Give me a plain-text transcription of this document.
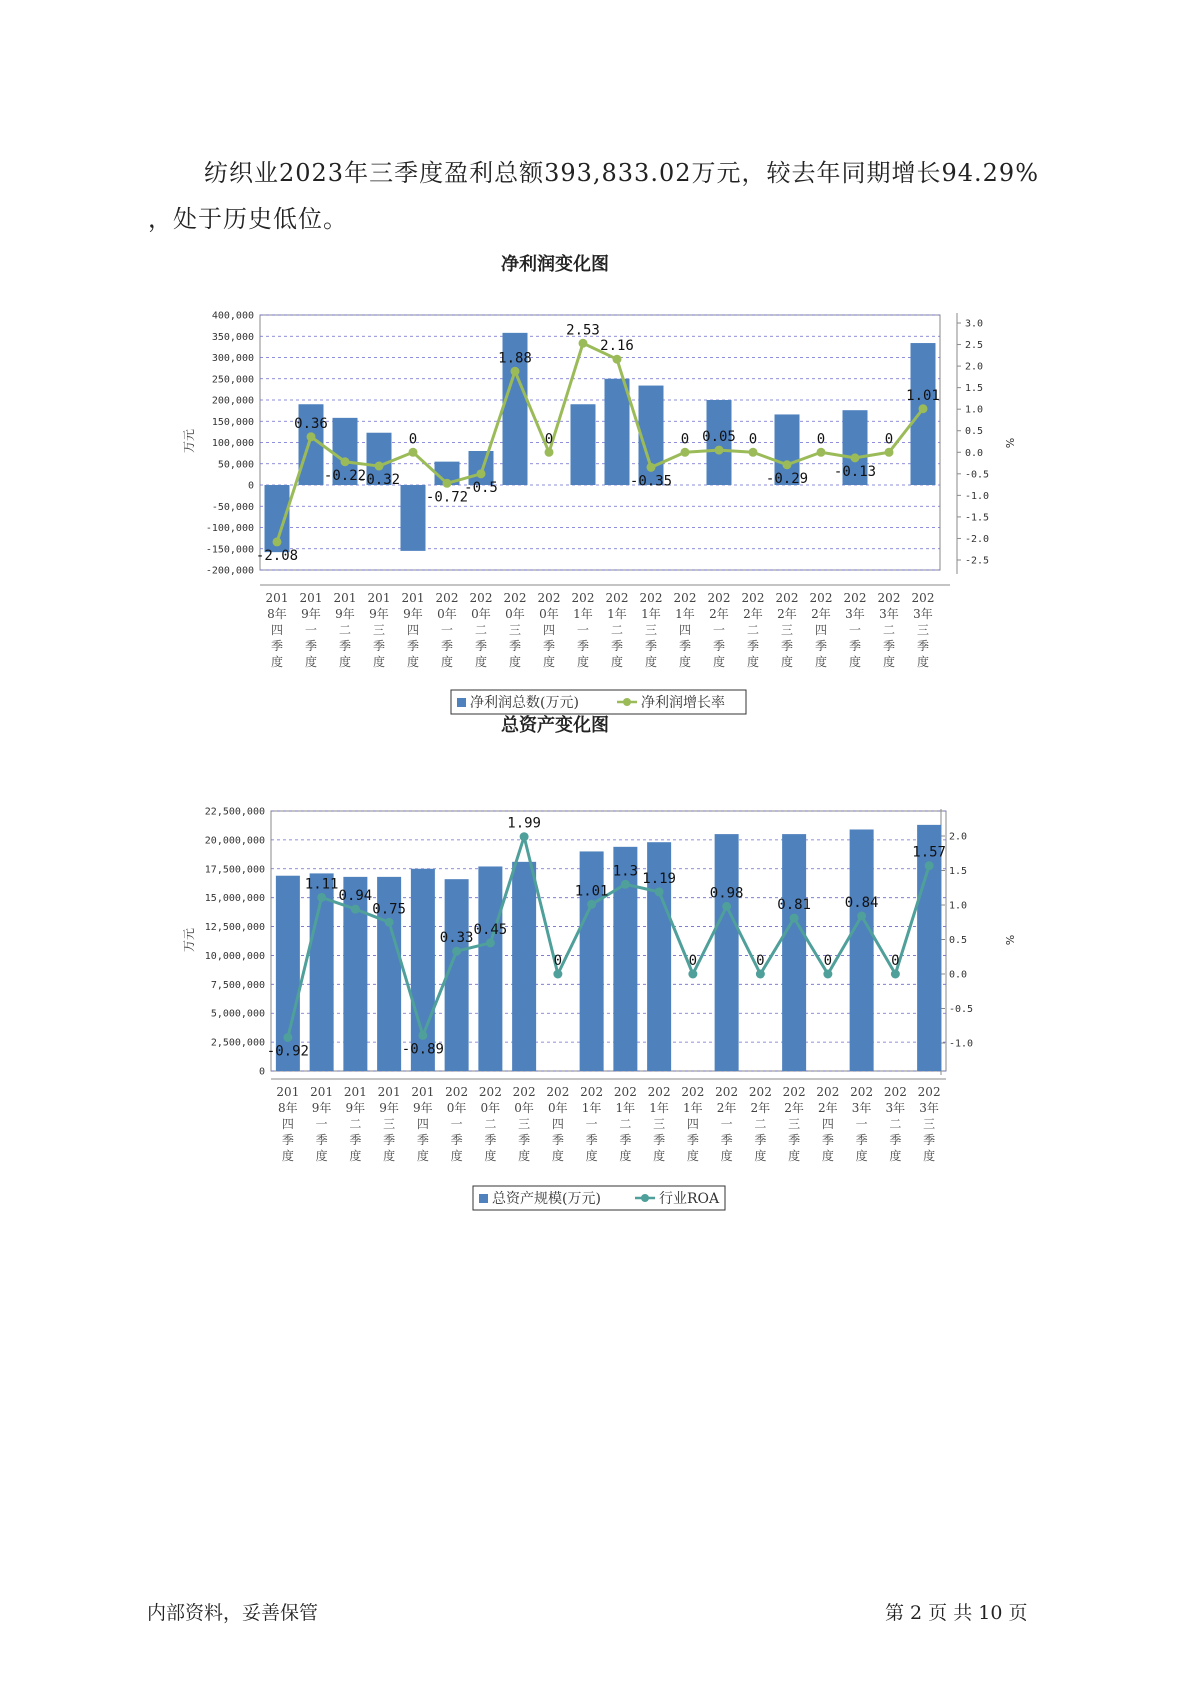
纺织业2023年三季度盈利总额393,833.02万元，较去年同期增长94.29%
，处于历史低位。
净利润变化图
总资产变化图
-200,000
-150,000
-100,000
-50,000
0
50,000
100,000
150,000
200,000
250,000
300,000
350,000
400,000
-2.5
-2.0
-1.5
-1.0
-0.5
0.0
0.5
1.0
1.5
2.0
2.5
3.0
万元	%
-2.08
0.36
-0.22
-0.32
0
-0.72
-0.5
1.88
0
2.53
2.16
-0.35
0 0.05 0
-0.29
0
-0.13
0
1.01
201
8年
四
季
度
201
9年
一
季
度
201
9年
二
季
度
201
9年
三
季
度
201
9年
四
季
度
202
0年
一
季
度
202
0年
二
季
度
202
0年
三
季
度
202
0年
四
季
度
202
1年
一
季
度
202
1年
二
季
度
202
1年
三
季
度
202
1年
四
季
度
202
2年
一
季
度
202
2年
二
季
度
202
2年
三
季
度
202
2年
四
季
度
202
3年
一
季
度
202
3年
二
季
度
202
3年
三
季
度
净利润总数(万元)	净利润增长率
0
2,500,000
5,000,000
7,500,000
10,000,000
12,500,000
15,000,000
17,500,000
20,000,000
22,500,000
-1.0
-0.5
0.0
0.5
1.0
1.5
2.0
万元	%
-0.92
1.11
0.94
0.75
-0.89
0.33
0.45
1.99
0
1.01
1.3 1.19
0
0.98
0
0.81
0
0.84
0
1.57
201
8年
四
季
度
201
9年
一
季
度
201
9年
二
季
度
201
9年
三
季
度
201
9年
四
季
度
202
0年
一
季
度
202
0年
二
季
度
202
0年
三
季
度
202
0年
四
季
度
202
1年
一
季
度
202
1年
二
季
度
202
1年
三
季
度
202
1年
四
季
度
202
2年
一
季
度
202
2年
二
季
度
202
2年
三
季
度
202
2年
四
季
度
202
3年
一
季
度
202
3年
二
季
度
202
3年
三
季
度
总资产规模(万元)	行业ROA
内部资料，妥善保管	第 2 页 共 10 页
